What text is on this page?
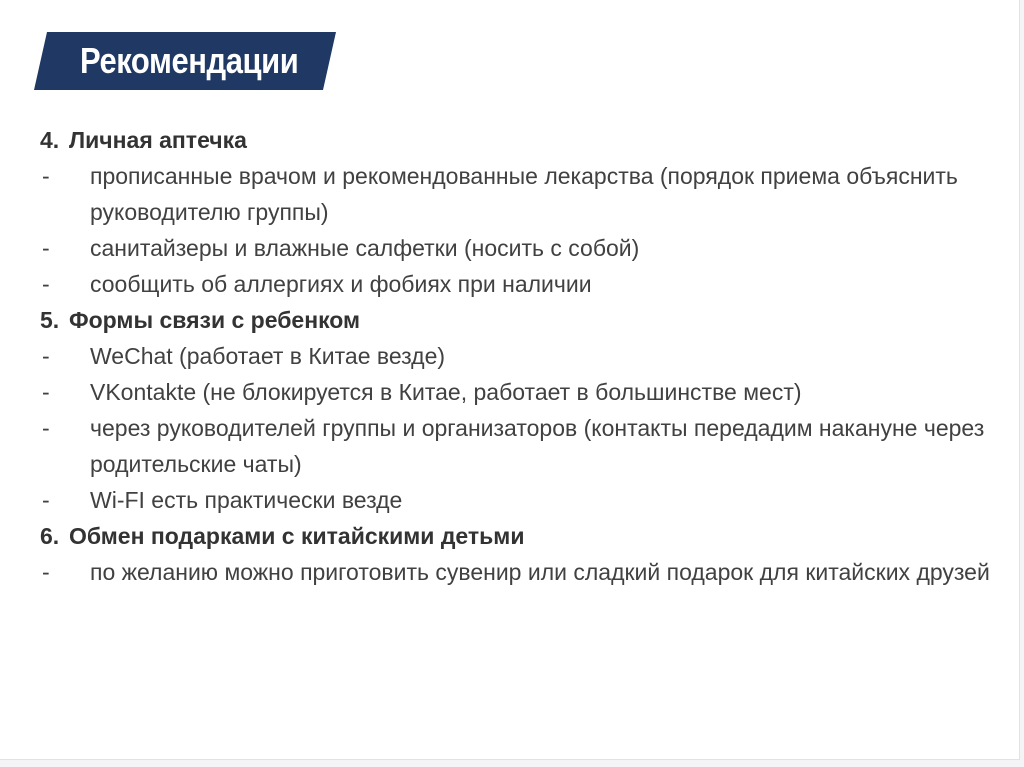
Рекомендации
4. Личная аптечка
- прописанные врачом и рекомендованные лекарства (порядок приема объяснить руководителю группы)
- санитайзеры и влажные салфетки (носить с собой)
- сообщить об аллергиях и фобиях при наличии
5. Формы связи с ребенком
- WeChat (работает в Китае везде)
- VKontakte (не блокируется в Китае, работает в большинстве мест)
- через руководителей группы и организаторов (контакты передадим накануне через родительские чаты)
- Wi-FI есть практически везде
6. Обмен подарками с китайскими детьми
- по желанию можно приготовить сувенир или сладкий подарок для китайских друзей
